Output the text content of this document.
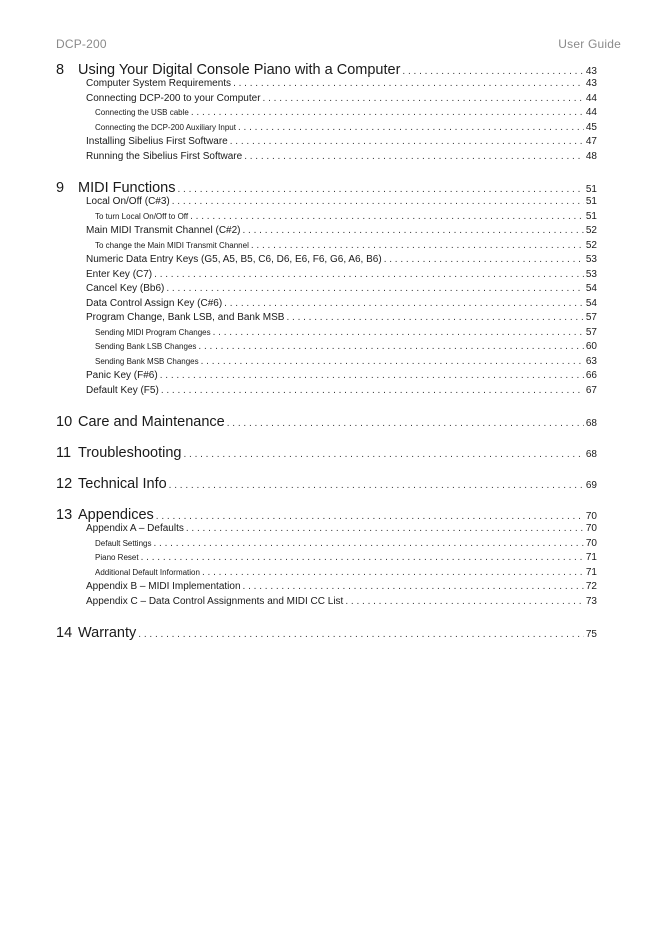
DCP-200	User Guide
8 Using Your Digital Console Piano with a Computer . . .	43
Computer System Requirements . . .	43
Connecting DCP-200 to your Computer . . .	44
Connecting the USB cable . . .	44
Connecting the DCP-200 Auxiliary Input . . .	45
Installing Sibelius First Software . . .	47
Running the Sibelius First Software . . .	48
9 MIDI Functions . . .	51
Local On/Off (C#3) . . .	51
To turn Local On/Off to Off . . .	51
Main MIDI Transmit Channel (C#2) . . .	52
To change the Main MIDI Transmit Channel . . .	52
Numeric Data Entry Keys (G5, A5, B5, C6, D6, E6, F6, G6, A6, B6) . . .	53
Enter Key (C7) . . .	53
Cancel Key (Bb6) . . .	54
Data Control Assign Key (C#6) . . .	54
Program Change, Bank LSB, and Bank MSB . . .	57
Sending MIDI Program Changes . . .	57
Sending Bank LSB Changes . . .	60
Sending Bank MSB Changes . . .	63
Panic Key (F#6) . . .	66
Default Key (F5) . . .	67
10 Care and Maintenance . . .	68
11 Troubleshooting . . .	68
12 Technical Info . . .	69
13 Appendices . . .	70
Appendix A – Defaults . . .	70
Default Settings . . .	70
Piano Reset . . .	71
Additional Default Information . . .	71
Appendix B – MIDI Implementation . . .	72
Appendix C – Data Control Assignments and MIDI CC List . . .	73
14 Warranty . . .	75
